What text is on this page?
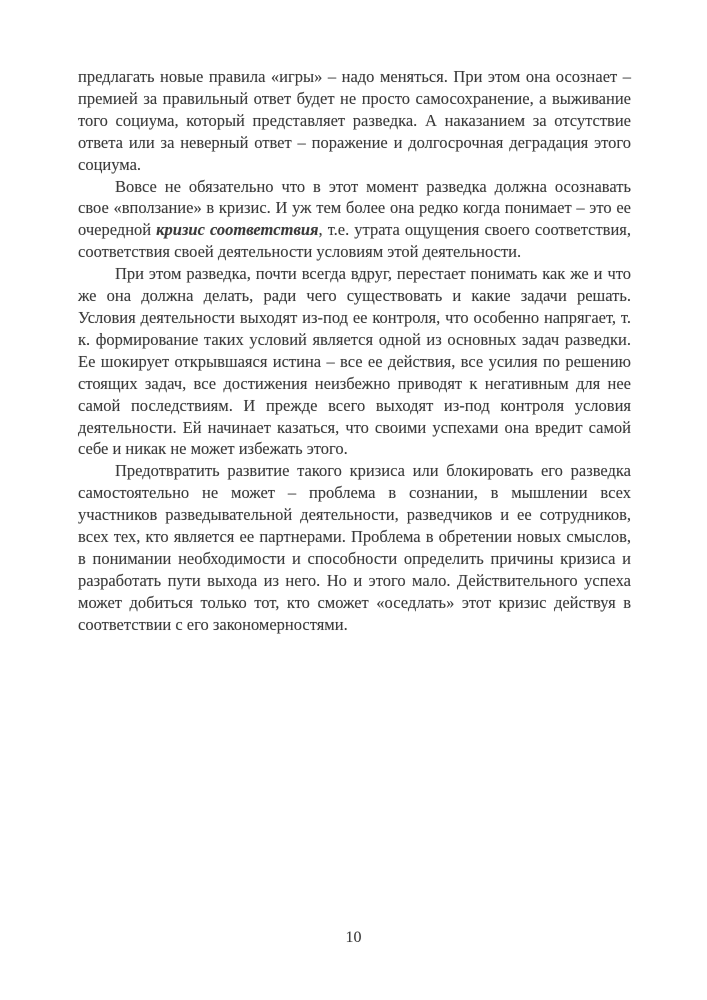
предлагать новые правила «игры» – надо меняться. При этом она осознает – премией за правильный ответ будет не просто самосохранение, а выживание того социума, который представляет разведка. А наказанием за отсутствие ответа или за неверный ответ – поражение и долгосрочная деградация этого социума.

Вовсе не обязательно что в этот момент разведка должна осознавать свое «вползание» в кризис. И уж тем более она редко когда понимает – это ее очередной кризис соответствия, т.е. утрата ощущения своего соответствия, соответствия своей деятельности условиям этой деятельности.

При этом разведка, почти всегда вдруг, перестает понимать как же и что же она должна делать, ради чего существовать и какие задачи решать. Условия деятельности выходят из-под ее контроля, что особенно напрягает, т. к. формирование таких условий является одной из основных задач разведки. Ее шокирует открывшаяся истина – все ее действия, все усилия по решению стоящих задач, все достижения неизбежно приводят к негативным для нее самой последствиям. И прежде всего выходят из-под контроля условия деятельности. Ей начинает казаться, что своими успехами она вредит самой себе и никак не может избежать этого.

Предотвратить развитие такого кризиса или блокировать его разведка самостоятельно не может – проблема в сознании, в мышлении всех участников разведывательной деятельности, разведчиков и ее сотрудников, всех тех, кто является ее партнерами. Проблема в обретении новых смыслов, в понимании необходимости и способности определить причины кризиса и разработать пути выхода из него. Но и этого мало. Действительного успеха может добиться только тот, кто сможет «оседлать» этот кризис действуя в соответствии с его закономерностями.

10
